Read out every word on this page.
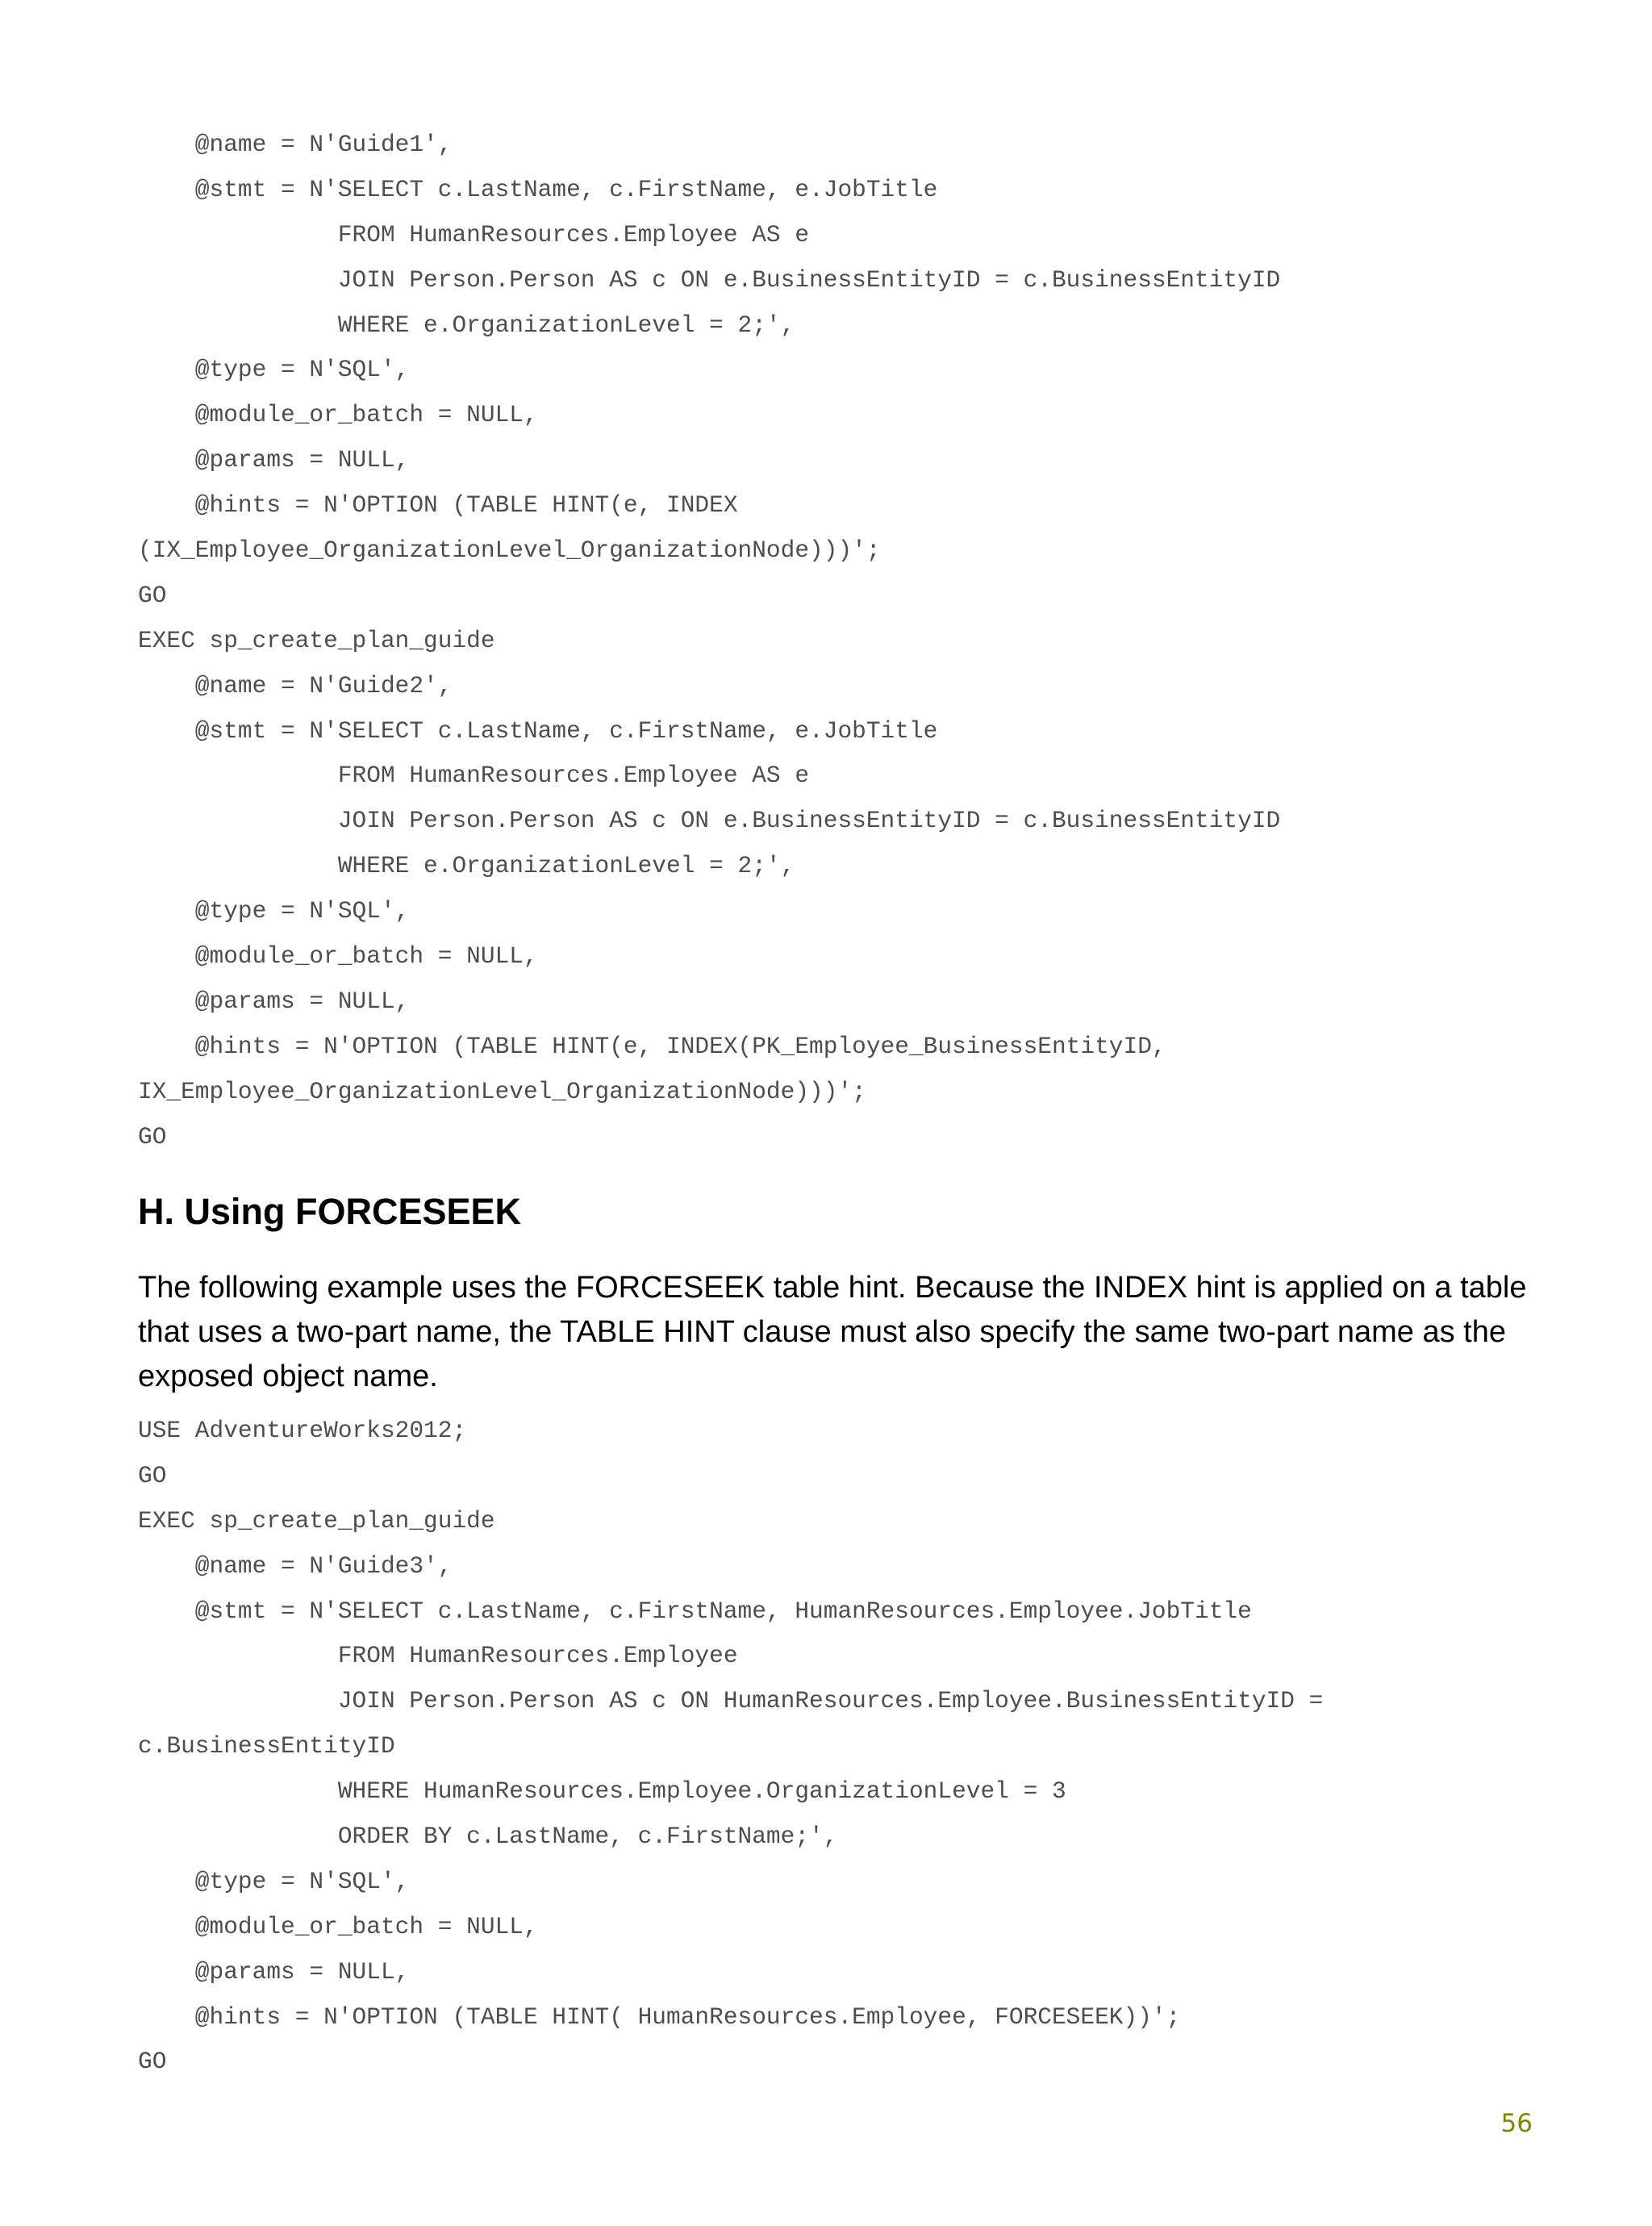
@name = N'Guide1',
@stmt = N'SELECT c.LastName, c.FirstName, e.JobTitle
FROM HumanResources.Employee AS e
JOIN Person.Person AS c ON e.BusinessEntityID = c.BusinessEntityID
WHERE e.OrganizationLevel = 2;',
@type = N'SQL',
@module_or_batch = NULL,
@params = NULL,
@hints = N'OPTION (TABLE HINT(e, INDEX
(IX_Employee_OrganizationLevel_OrganizationNode)))';
GO
EXEC sp_create_plan_guide
@name = N'Guide2',
@stmt = N'SELECT c.LastName, c.FirstName, e.JobTitle
FROM HumanResources.Employee AS e
JOIN Person.Person AS c ON e.BusinessEntityID = c.BusinessEntityID
WHERE e.OrganizationLevel = 2;',
@type = N'SQL',
@module_or_batch = NULL,
@params = NULL,
@hints = N'OPTION (TABLE HINT(e, INDEX(PK_Employee_BusinessEntityID,
IX_Employee_OrganizationLevel_OrganizationNode)))';
GO
H. Using FORCESEEK

The following example uses the FORCESEEK table hint. Because the INDEX hint is applied on a table that uses a two-part name, the TABLE HINT clause must also specify the same two-part name as the exposed object name.

USE AdventureWorks2012;
GO
EXEC sp_create_plan_guide
@name = N'Guide3',
@stmt = N'SELECT c.LastName, c.FirstName, HumanResources.Employee.JobTitle
FROM HumanResources.Employee
JOIN Person.Person AS c ON HumanResources.Employee.BusinessEntityID =
c.BusinessEntityID
WHERE HumanResources.Employee.OrganizationLevel = 3
ORDER BY c.LastName, c.FirstName;',
@type = N'SQL',
@module_or_batch = NULL,
@params = NULL,
@hints = N'OPTION (TABLE HINT( HumanResources.Employee, FORCESEEK))';
GO
56
